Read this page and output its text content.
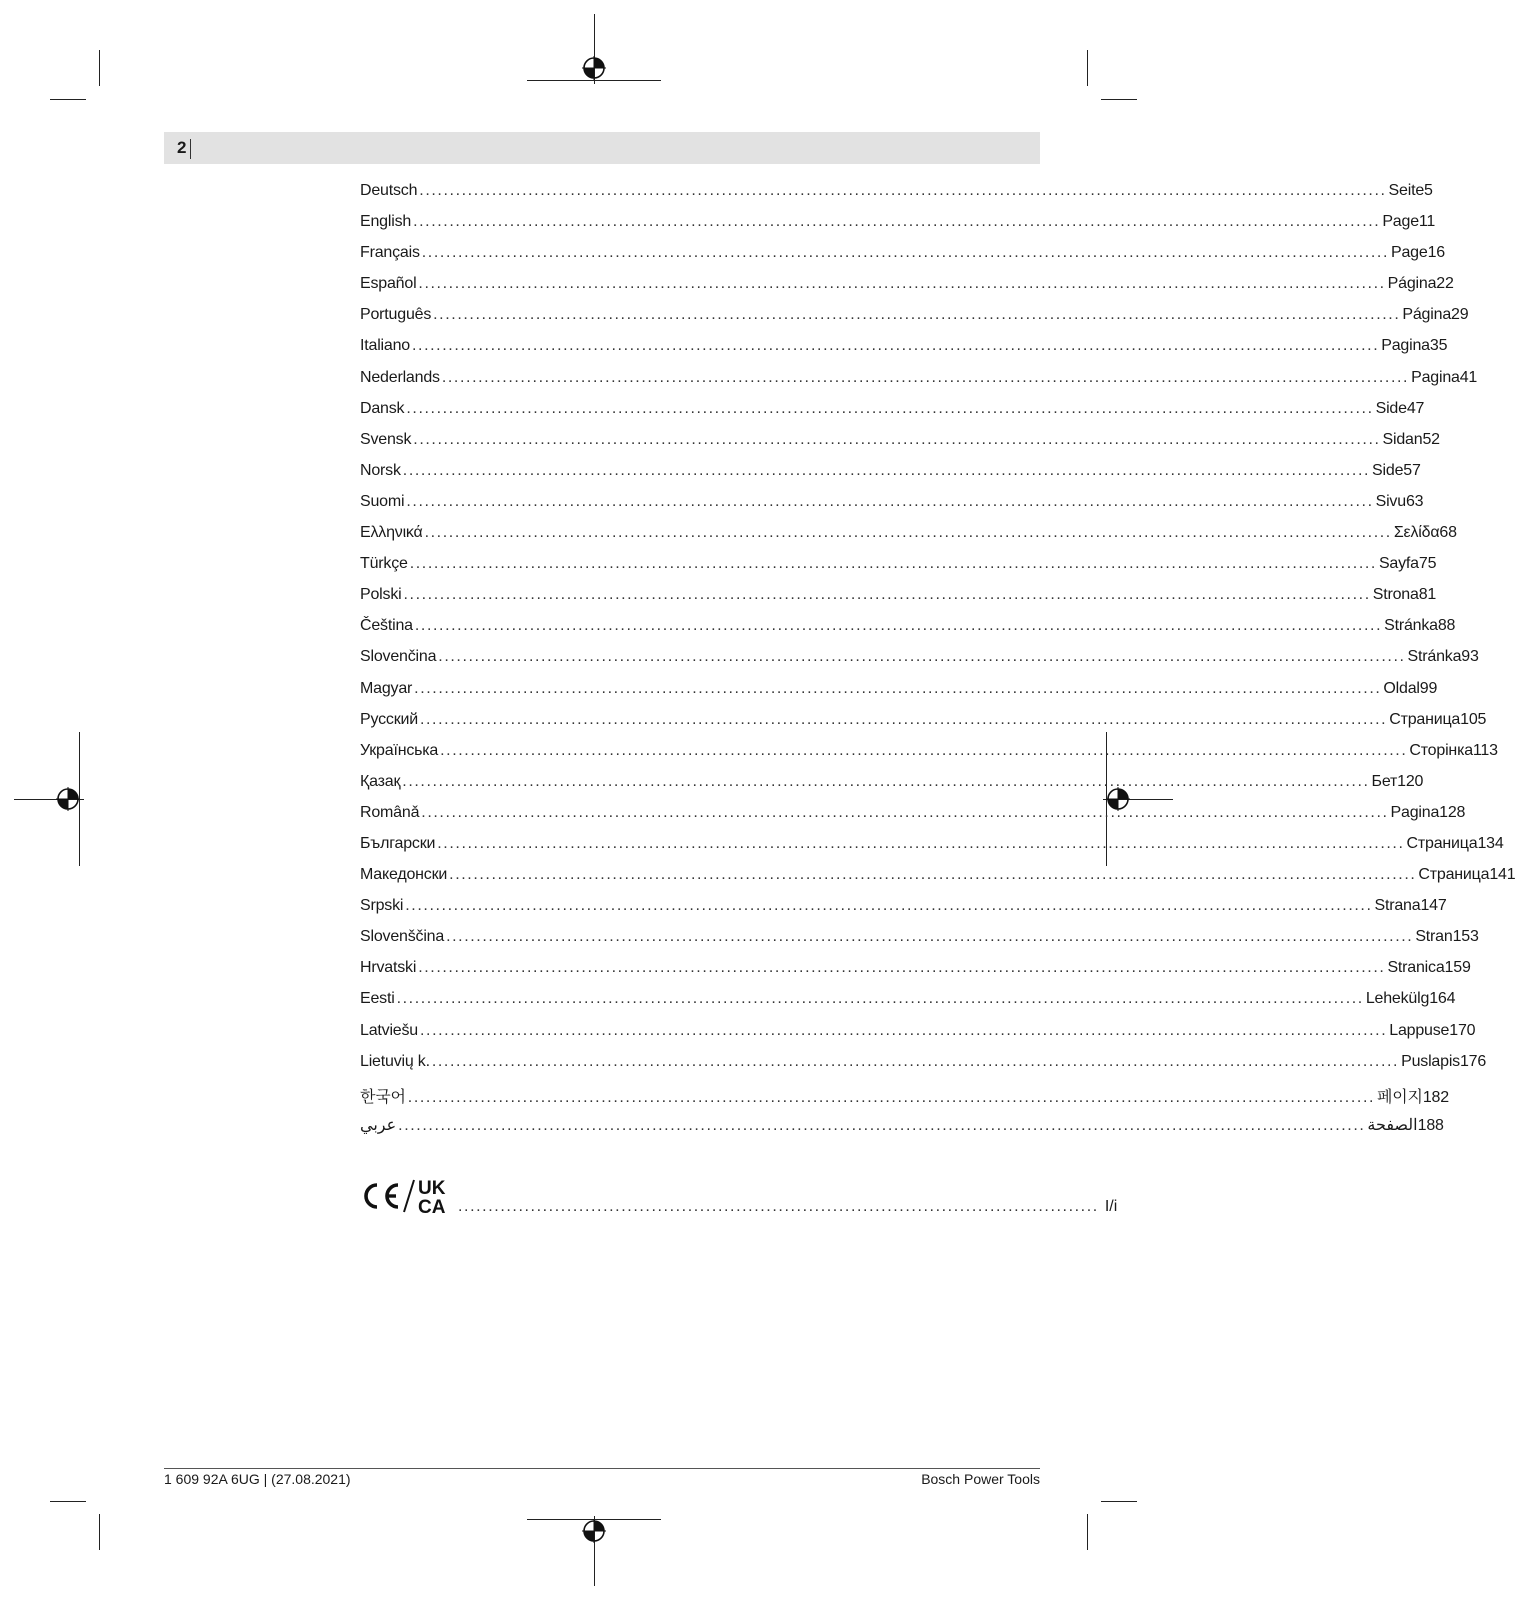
2
Deutsch ................................................................................................................................................................ Seite 5
English ................................................................................................................................................................ Page 11
Français ................................................................................................................................................................ Page 16
Español ................................................................................................................................................................ Página 22
Português ................................................................................................................................................................ Página 29
Italiano ................................................................................................................................................................ Pagina 35
Nederlands ................................................................................................................................................................ Pagina 41
Dansk ................................................................................................................................................................ Side 47
Svensk ................................................................................................................................................................ Sidan 52
Norsk ................................................................................................................................................................ Side 57
Suomi ................................................................................................................................................................ Sivu 63
Ελληνικά ................................................................................................................................................................ Σελίδα 68
Türkçe ................................................................................................................................................................ Sayfa 75
Polski ................................................................................................................................................................ Strona 81
Čeština ................................................................................................................................................................ Stránka 88
Slovenčina ................................................................................................................................................................ Stránka 93
Magyar ................................................................................................................................................................ Oldal 99
Русский ................................................................................................................................................................ Страница 105
Українська ................................................................................................................................................................ Сторінка 113
Қазақ ................................................................................................................................................................ Бет 120
Românǎ ................................................................................................................................................................ Pagina 128
Български ................................................................................................................................................................ Страница 134
Македонски ................................................................................................................................................................ Страница 141
Srpski ................................................................................................................................................................ Strana 147
Slovenščina ................................................................................................................................................................ Stran 153
Hrvatski ................................................................................................................................................................ Stranica 159
Eesti ................................................................................................................................................................ Lehekülg 164
Latviešu ................................................................................................................................................................ Lappuse 170
Lietuvių k. ................................................................................................................................................................ Puslapis 176
한국어 ................................................................................................................................................................ 페이지 182
عربي ................................................................................................................................................................ الصفحة 188
CE	UK
CA .......................................................................................................... I/i
1 609 92A 6UG | (27.08.2021)	Bosch Power Tools
